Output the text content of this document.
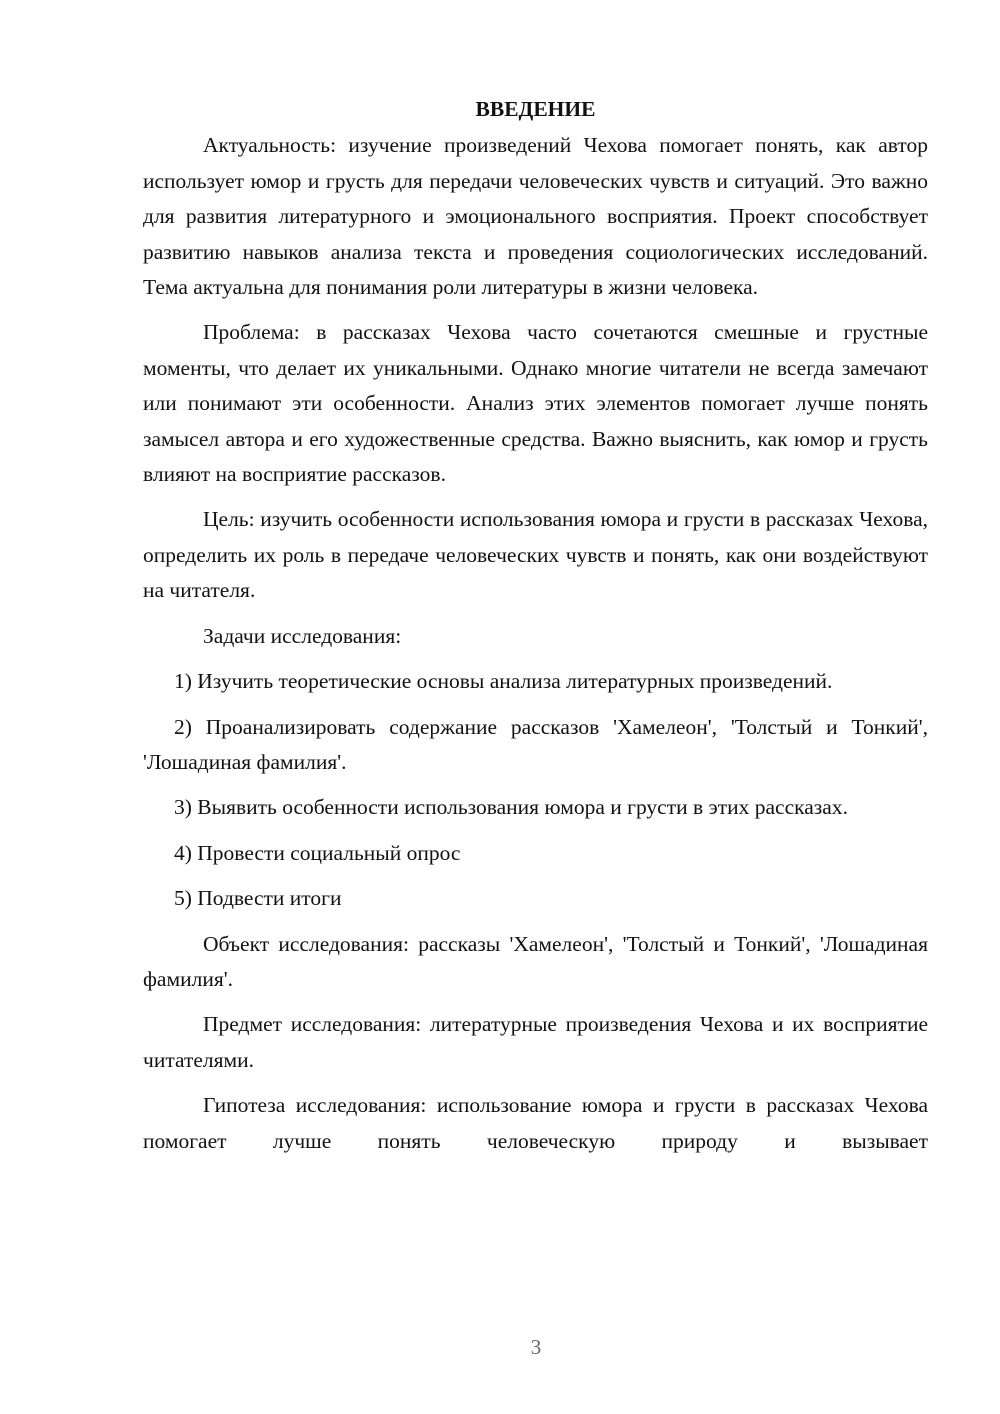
ВВЕДЕНИЕ

Актуальность: изучение произведений Чехова помогает понять, как автор использует юмор и грусть для передачи человеческих чувств и ситуаций. Это важно для развития литературного и эмоционального восприятия. Проект способствует развитию навыков анализа текста и проведения социологических исследований. Тема актуальна для понимания роли литературы в жизни человека.

Проблема: в рассказах Чехова часто сочетаются смешные и грустные моменты, что делает их уникальными. Однако многие читатели не всегда замечают или понимают эти особенности. Анализ этих элементов помогает лучше понять замысел автора и его художественные средства. Важно выяснить, как юмор и грусть влияют на восприятие рассказов.

Цель: изучить особенности использования юмора и грусти в рассказах Чехова, определить их роль в передаче человеческих чувств и понять, как они воздействуют на читателя.

Задачи исследования:

1) Изучить теоретические основы анализа литературных произведений.

2) Проанализировать содержание рассказов 'Хамелеон', 'Толстый и Тонкий', 'Лошадиная фамилия'.

3) Выявить особенности использования юмора и грусти в этих рассказах.

4) Провести социальный опрос

5) Подвести итоги

Объект исследования: рассказы 'Хамелеон', 'Толстый и Тонкий', 'Лошадиная фамилия'.

Предмет исследования: литературные произведения Чехова и их восприятие читателями.

Гипотеза исследования: использование юмора и грусти в рассказах Чехова помогает лучше понять человеческую природу и вызывает

3
